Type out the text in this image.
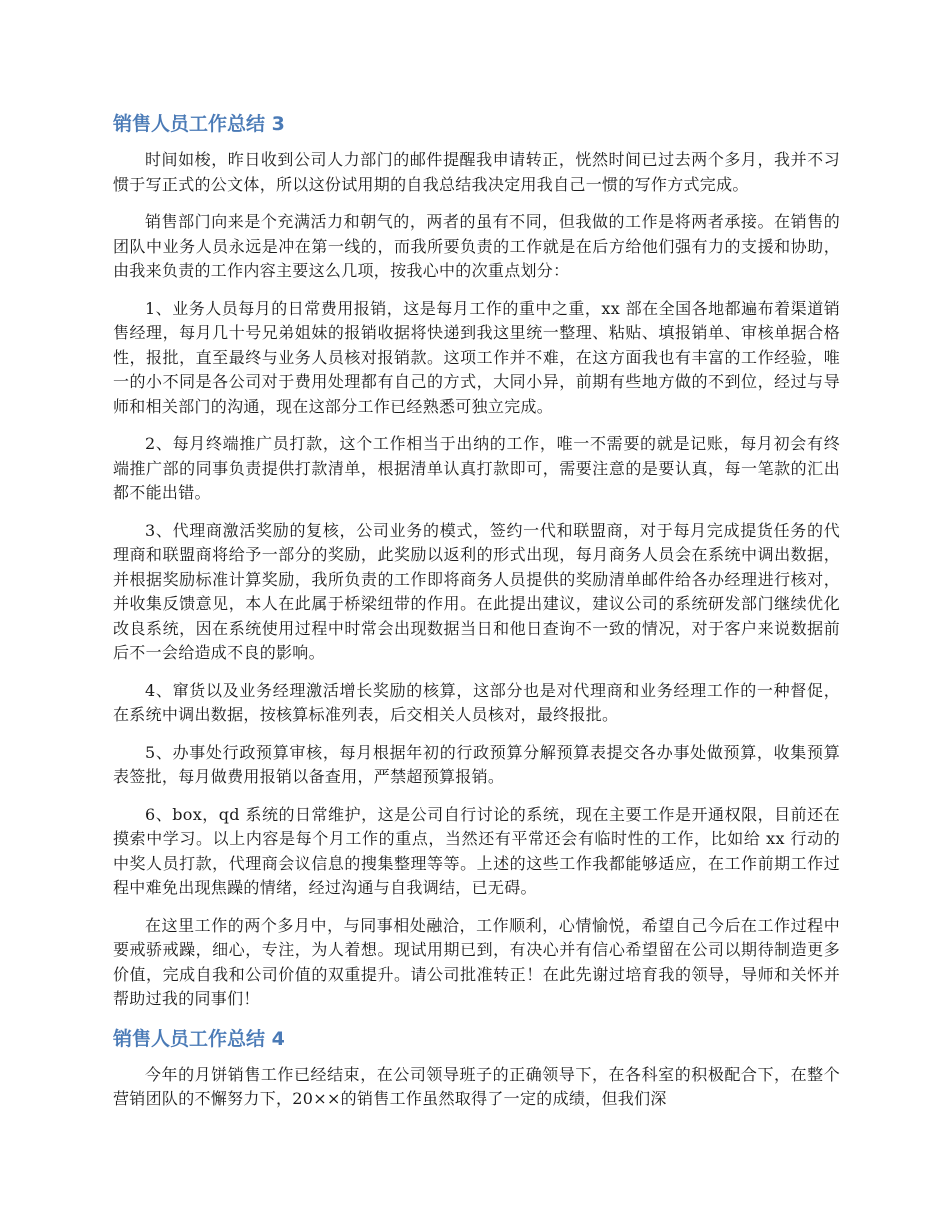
销售人员工作总结 3

时间如梭，昨日收到公司人力部门的邮件提醒我申请转正，恍然时间已过去两个多月，我并不习惯于写正式的公文体，所以这份试用期的自我总结我决定用我自己一惯的写作方式完成。

销售部门向来是个充满活力和朝气的，两者的虽有不同，但我做的工作是将两者承接。在销售的团队中业务人员永远是冲在第一线的，而我所要负责的工作就是在后方给他们强有力的支援和协助，由我来负责的工作内容主要这么几项，按我心中的次重点划分：

1、业务人员每月的日常费用报销，这是每月工作的重中之重，xx 部在全国各地都遍布着渠道销售经理，每月几十号兄弟姐妹的报销收据将快递到我这里统一整理、粘贴、填报销单、审核单据合格性，报批，直至最终与业务人员核对报销款。这项工作并不难，在这方面我也有丰富的工作经验，唯一的小不同是各公司对于费用处理都有自己的方式，大同小异，前期有些地方做的不到位，经过与导师和相关部门的沟通，现在这部分工作已经熟悉可独立完成。

2、每月终端推广员打款，这个工作相当于出纳的工作，唯一不需要的就是记账，每月初会有终端推广部的同事负责提供打款清单，根据清单认真打款即可，需要注意的是要认真，每一笔款的汇出都不能出错。

3、代理商激活奖励的复核，公司业务的模式，签约一代和联盟商，对于每月完成提货任务的代理商和联盟商将给予一部分的奖励，此奖励以返利的形式出现，每月商务人员会在系统中调出数据，并根据奖励标准计算奖励，我所负责的工作即将商务人员提供的奖励清单邮件给各办经理进行核对，并收集反馈意见，本人在此属于桥梁纽带的作用。在此提出建议，建议公司的系统研发部门继续优化改良系统，因在系统使用过程中时常会出现数据当日和他日查询不一致的情况，对于客户来说数据前后不一会给造成不良的影响。

4、窜货以及业务经理激活增长奖励的核算，这部分也是对代理商和业务经理工作的一种督促，在系统中调出数据，按核算标准列表，后交相关人员核对，最终报批。

5、办事处行政预算审核，每月根据年初的行政预算分解预算表提交各办事处做预算，收集预算表签批，每月做费用报销以备查用，严禁超预算报销。

6、box，qd 系统的日常维护，这是公司自行讨论的系统，现在主要工作是开通权限，目前还在摸索中学习。以上内容是每个月工作的重点，当然还有平常还会有临时性的工作，比如给 xx 行动的中奖人员打款，代理商会议信息的搜集整理等等。上述的这些工作我都能够适应，在工作前期工作过程中难免出现焦躁的情绪，经过沟通与自我调结，已无碍。

在这里工作的两个多月中，与同事相处融洽，工作顺利，心情愉悦，希望自己今后在工作过程中要戒骄戒躁，细心，专注，为人着想。现试用期已到，有决心并有信心希望留在公司以期待制造更多价值，完成自我和公司价值的双重提升。请公司批准转正！在此先谢过培育我的领导，导师和关怀并帮助过我的同事们！

销售人员工作总结 4

今年的月饼销售工作已经结束，在公司领导班子的正确领导下，在各科室的积极配合下，在整个营销团队的不懈努力下，20××的销售工作虽然取得了一定的成绩，但我们深
